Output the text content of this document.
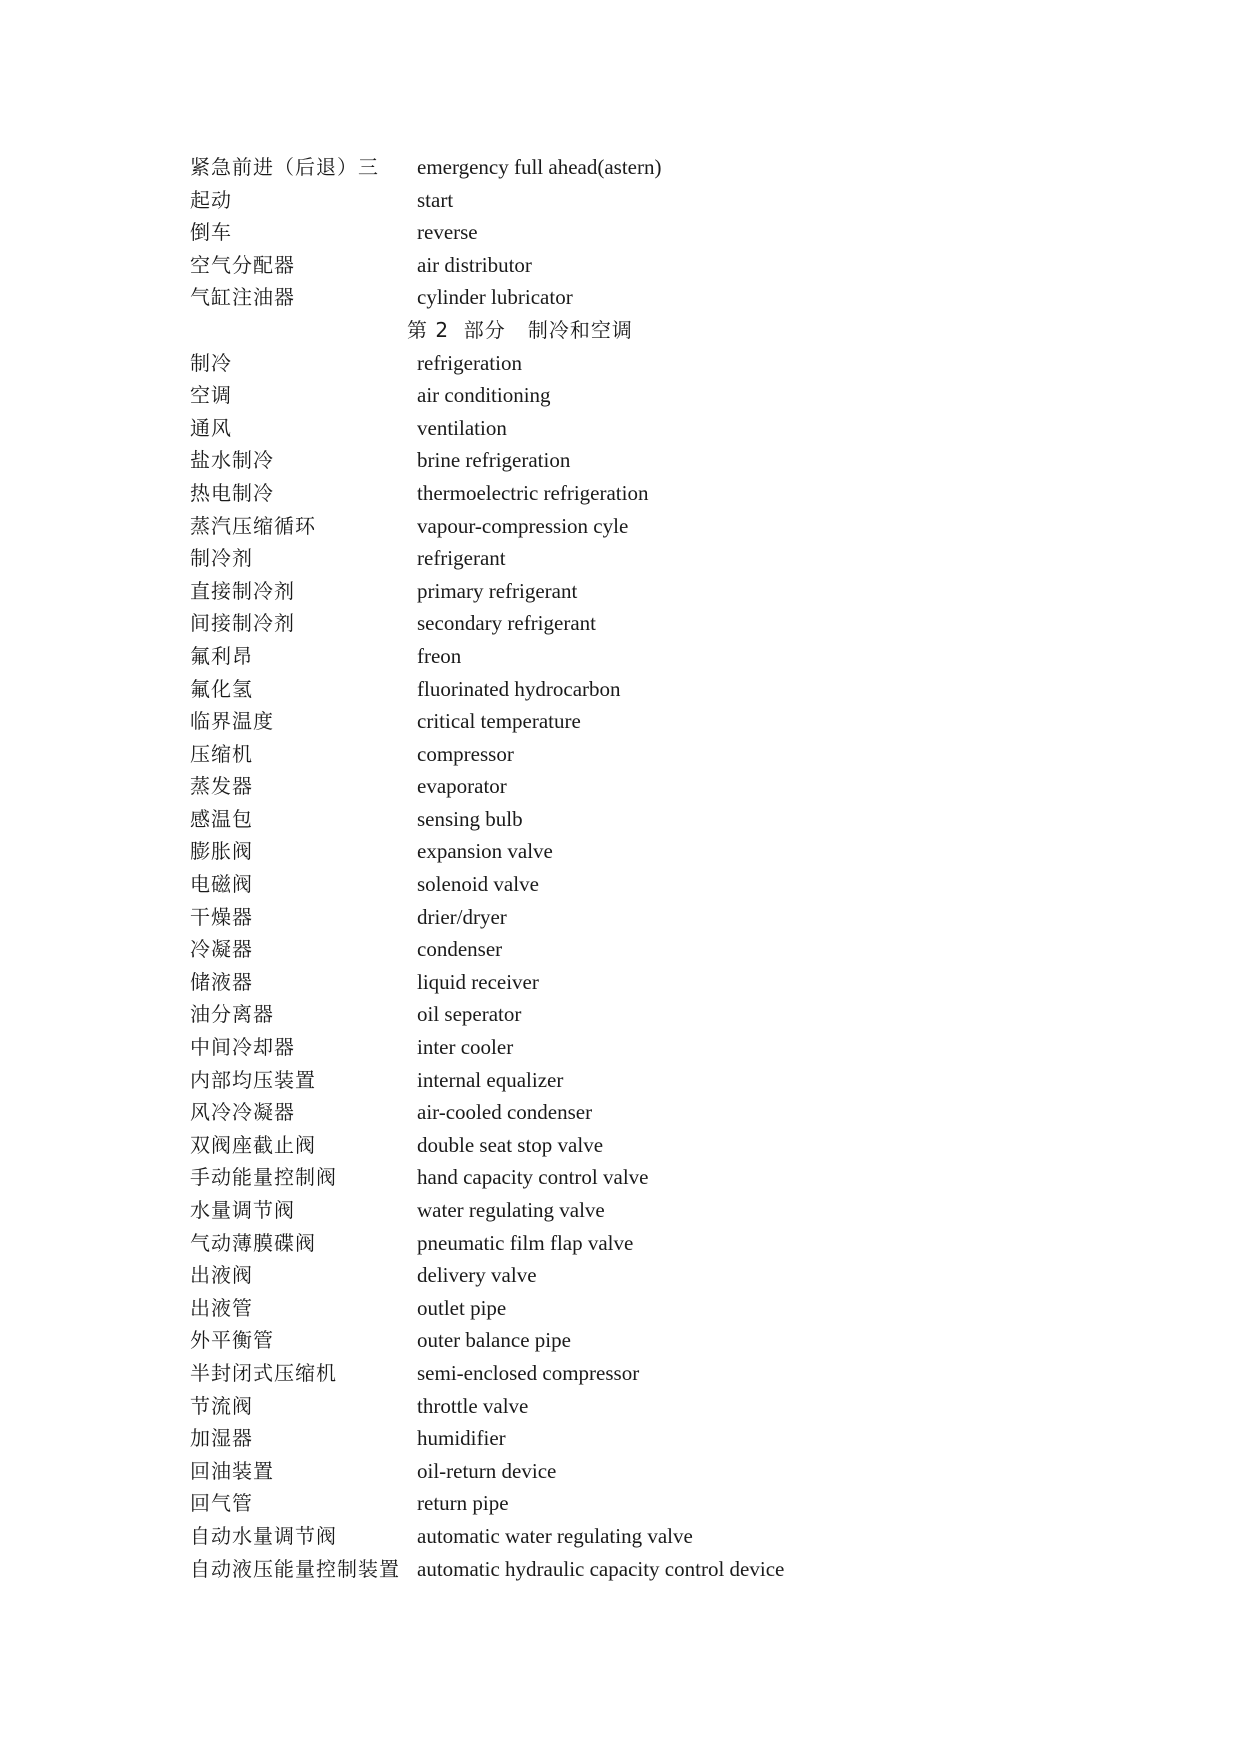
紧急前进（后退）三 emergency full ahead(astern)
起动	start
倒车	reverse
空气分配器	air distributor
气缸注油器	cylinder lubricator
第 2  部分   制冷和空调
制冷	refrigeration
空调	air conditioning
通风	ventilation
盐水制冷	brine refrigeration
热电制冷	thermoelectric refrigeration
蒸汽压缩循环	vapour-compression cyle
制冷剂	refrigerant
直接制冷剂	primary refrigerant
间接制冷剂	secondary refrigerant
氟利昂	freon
氟化氢	fluorinated hydrocarbon
临界温度	critical temperature
压缩机	compressor
蒸发器	evaporator
感温包	sensing bulb
膨胀阀	expansion valve
电磁阀	solenoid valve
干燥器	drier/dryer
冷凝器	condenser
储液器	liquid receiver
油分离器	oil seperator
中间冷却器	inter cooler
内部均压装置	internal equalizer
风冷冷凝器	air-cooled condenser
双阀座截止阀	double seat stop valve
手动能量控制阀	hand capacity control valve
水量调节阀	water regulating valve
气动薄膜碟阀	pneumatic film flap valve
出液阀	delivery valve
出液管	outlet pipe
外平衡管	outer balance pipe
半封闭式压缩机	semi-enclosed compressor
节流阀	throttle valve
加湿器	humidifier
回油装置	oil-return device
回气管	return pipe
自动水量调节阀	automatic water regulating valve
自动液压能量控制装置 automatic hydraulic capacity control device
